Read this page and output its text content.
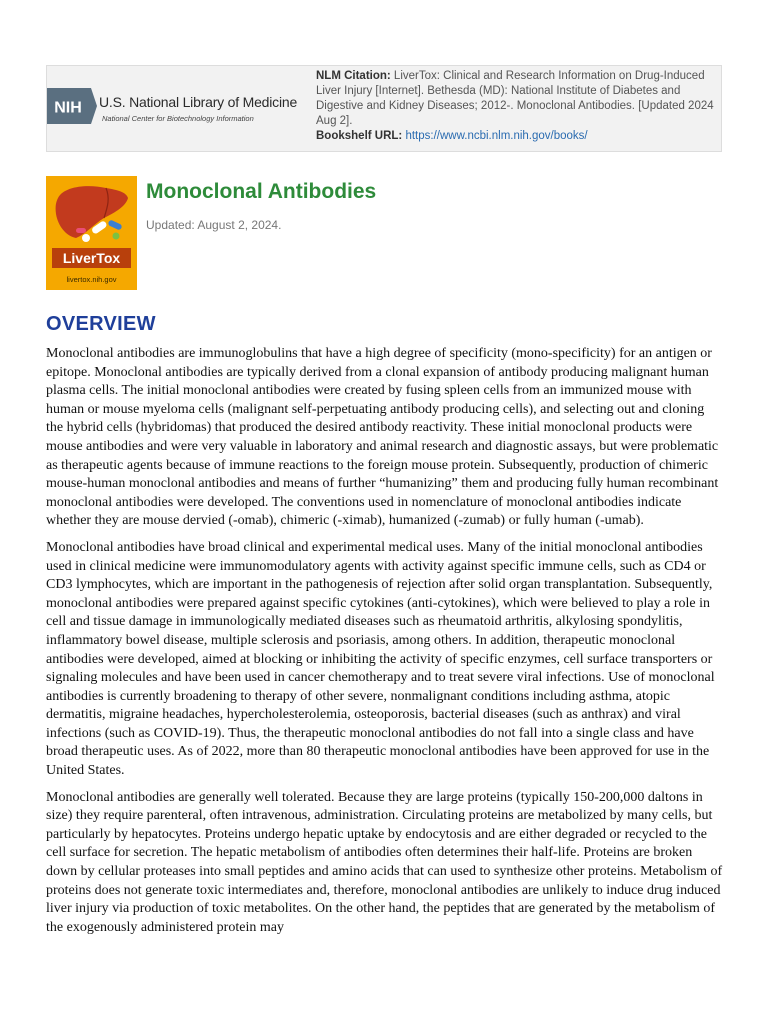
NIH U.S. National Library of Medicine
National Center for Biotechnology Information
NLM Citation: LiverTox: Clinical and Research Information on Drug-Induced Liver Injury [Internet]. Bethesda (MD): National Institute of Diabetes and Digestive and Kidney Diseases; 2012-. Monoclonal Antibodies. [Updated 2024 Aug 2].
Bookshelf URL: https://www.ncbi.nlm.nih.gov/books/
LiverTox
livertox.nih.gov
Monoclonal Antibodies
Updated: August 2, 2024.
OVERVIEW

Monoclonal antibodies are immunoglobulins that have a high degree of specificity (mono-specificity) for an antigen or epitope. Monoclonal antibodies are typically derived from a clonal expansion of antibody producing malignant human plasma cells. The initial monoclonal antibodies were created by fusing spleen cells from an immunized mouse with human or mouse myeloma cells (malignant self-perpetuating antibody producing cells), and selecting out and cloning the hybrid cells (hybridomas) that produced the desired antibody reactivity. These initial monoclonal products were mouse antibodies and were very valuable in laboratory and animal research and diagnostic assays, but were problematic as therapeutic agents because of immune reactions to the foreign mouse protein. Subsequently, production of chimeric mouse-human monoclonal antibodies and means of further “humanizing” them and producing fully human recombinant monoclonal antibodies were developed. The conventions used in nomenclature of monoclonal antibodies indicate whether they are mouse dervied (-omab), chimeric (-ximab), humanized (-zumab) or fully human (-umab).

Monoclonal antibodies have broad clinical and experimental medical uses. Many of the initial monoclonal antibodies used in clinical medicine were immunomodulatory agents with activity against specific immune cells, such as CD4 or CD3 lymphocytes, which are important in the pathogenesis of rejection after solid organ transplantation. Subsequently, monoclonal antibodies were prepared against specific cytokines (anti-cytokines), which were believed to play a role in cell and tissue damage in immunologically mediated diseases such as rheumatoid arthritis, alkylosing spondylitis, inflammatory bowel disease, multiple sclerosis and psoriasis, among others. In addition, therapeutic monoclonal antibodies were developed, aimed at blocking or inhibiting the activity of specific enzymes, cell surface transporters or signaling molecules and have been used in cancer chemotherapy and to treat severe viral infections. Use of monoclonal antibodies is currently broadening to therapy of other severe, nonmalignant conditions including asthma, atopic dermatitis, migraine headaches, hypercholesterolemia, osteoporosis, bacterial diseases (such as anthrax) and viral infections (such as COVID-19). Thus, the therapeutic monoclonal antibodies do not fall into a single class and have broad therapeutic uses. As of 2022, more than 80 therapeutic monoclonal antibodies have been approved for use in the United States.

Monoclonal antibodies are generally well tolerated. Because they are large proteins (typically 150-200,000 daltons in size) they require parenteral, often intravenous, administration. Circulating proteins are metabolized by many cells, but particularly by hepatocytes. Proteins undergo hepatic uptake by endocytosis and are either degraded or recycled to the cell surface for secretion. The hepatic metabolism of antibodies often determines their half-life. Proteins are broken down by cellular proteases into small peptides and amino acids that can used to synthesize other proteins. Metabolism of proteins does not generate toxic intermediates and, therefore, monoclonal antibodies are unlikely to induce drug induced liver injury via production of toxic metabolites. On the other hand, the peptides that are generated by the metabolism of the exogenously administered protein may
